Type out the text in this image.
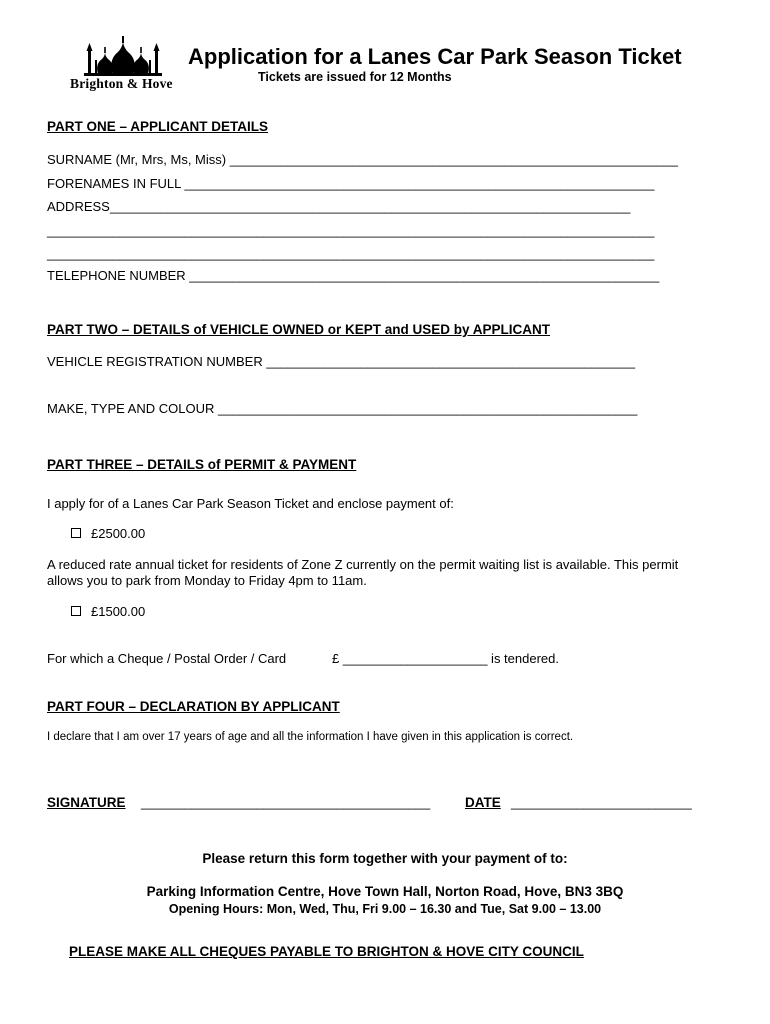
Brighton & Hove
Application for a Lanes Car Park Season Ticket
Tickets are issued for 12 Months
PART ONE – APPLICANT DETAILS
SURNAME (Mr, Mrs, Ms, Miss) ______________________________________________________________
FORENAMES IN FULL _________________________________________________________________
ADDRESS________________________________________________________________________
____________________________________________________________________________________
____________________________________________________________________________________
TELEPHONE NUMBER _________________________________________________________________
PART TWO – DETAILS of VEHICLE OWNED or KEPT and USED by APPLICANT
VEHICLE REGISTRATION NUMBER ___________________________________________________
MAKE, TYPE AND COLOUR __________________________________________________________
PART THREE – DETAILS of PERMIT & PAYMENT
I apply for of a Lanes Car Park Season Ticket and enclose payment of:
£2500.00
A reduced rate annual ticket for residents of Zone Z currently on the permit waiting list is available. This permit allows you to park from Monday to Friday 4pm to 11am.
£1500.00
For which a Cheque / Postal Order / Card	£ ____________________ is tendered.
PART FOUR – DECLARATION BY APPLICANT
I declare that I am over 17 years of age and all the information I have given in this application is correct.
SIGNATURE ________________________________________	DATE _________________________
Please return this form together with your payment of to:
Parking Information Centre, Hove Town Hall, Norton Road, Hove, BN3 3BQ
Opening Hours: Mon, Wed, Thu, Fri 9.00 – 16.30 and Tue, Sat 9.00 – 13.00
PLEASE MAKE ALL CHEQUES PAYABLE TO BRIGHTON & HOVE CITY COUNCIL
